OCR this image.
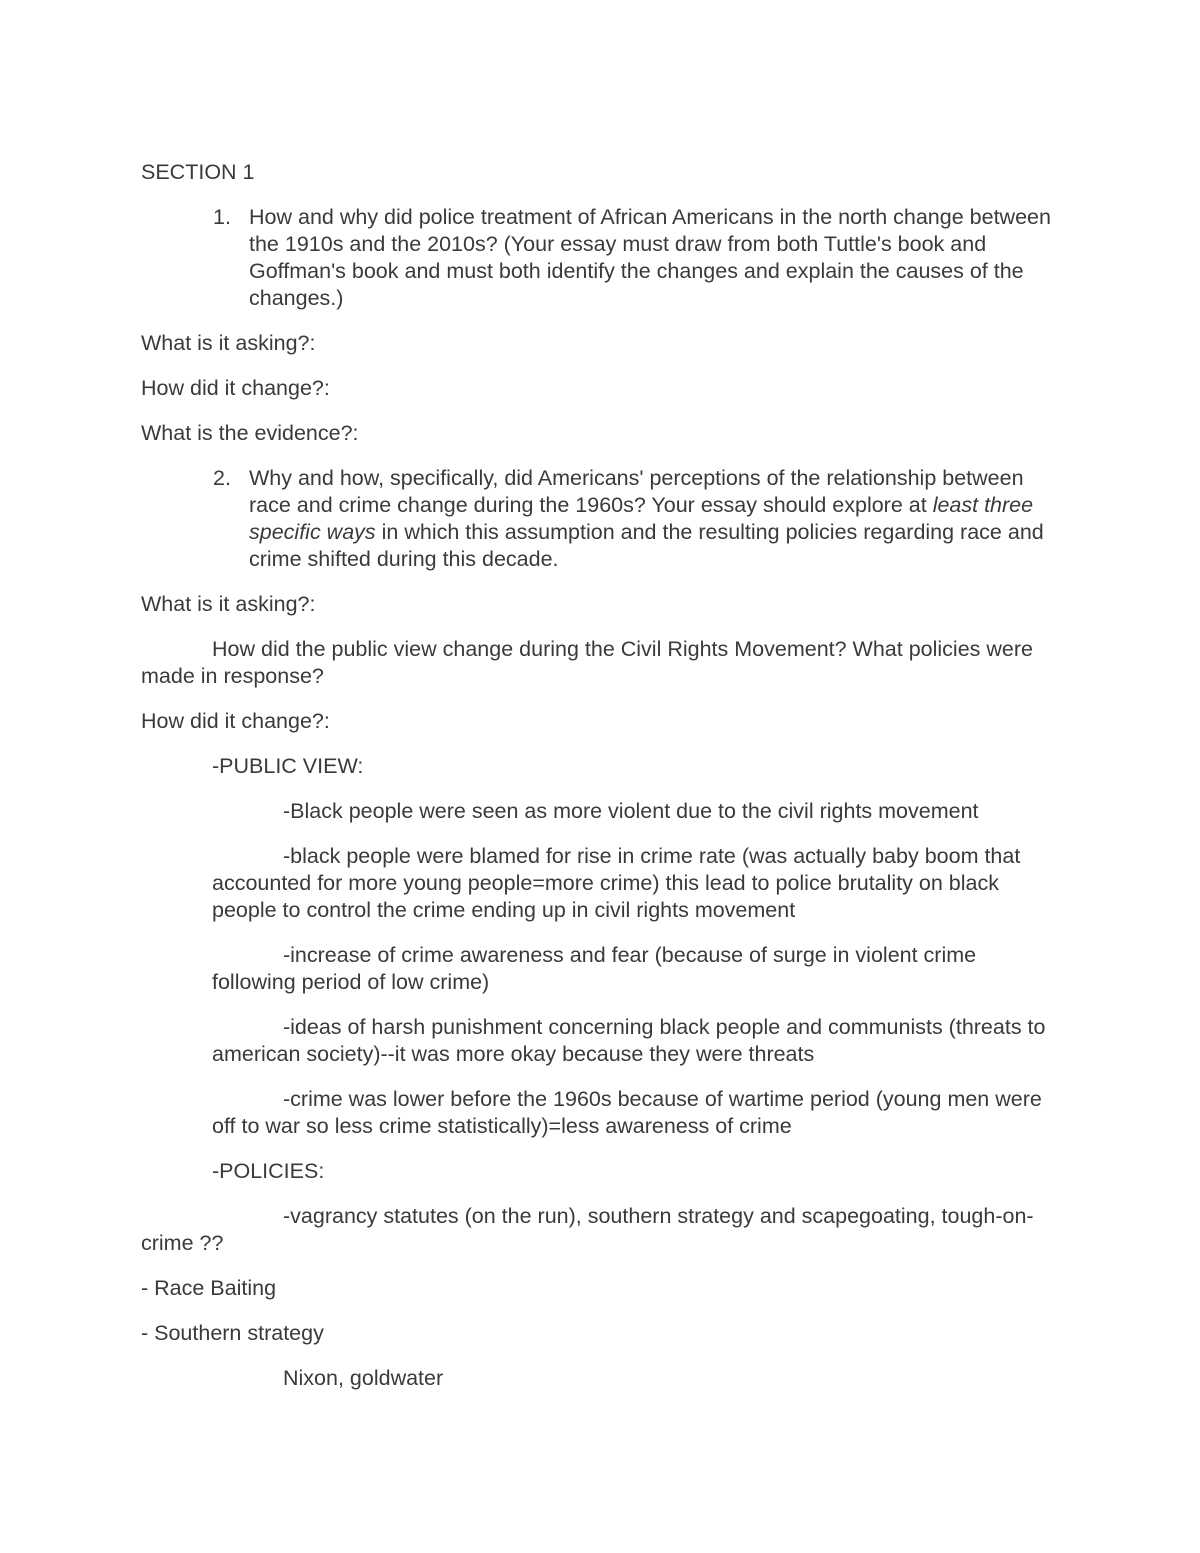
SECTION 1

1. How and why did police treatment of African Americans in the north change between the 1910s and the 2010s? (Your essay must draw from both Tuttle's book and Goffman's book and must both identify the changes and explain the causes of the changes.)

What is it asking?:

How did it change?:

What is the evidence?:

2. Why and how, specifically, did Americans' perceptions of the relationship between race and crime change during the 1960s? Your essay should explore at least three specific ways in which this assumption and the resulting policies regarding race and crime shifted during this decade.

What is it asking?:

How did the public view change during the Civil Rights Movement? What policies were made in response?

How did it change?:

-PUBLIC VIEW:

-Black people were seen as more violent due to the civil rights movement

-black people were blamed for rise in crime rate (was actually baby boom that accounted for more young people=more crime) this lead to police brutality on black people to control the crime ending up in civil rights movement

-increase of crime awareness and fear (because of surge in violent crime following period of low crime)

-ideas of harsh punishment concerning black people and communists (threats to american society)--it was more okay because they were threats

-crime was lower before the 1960s because of wartime period (young men were off to war so less crime statistically)=less awareness of crime

-POLICIES:

-vagrancy statutes (on the run), southern strategy and scapegoating, tough-on-crime ??

- Race Baiting

- Southern strategy

Nixon, goldwater
